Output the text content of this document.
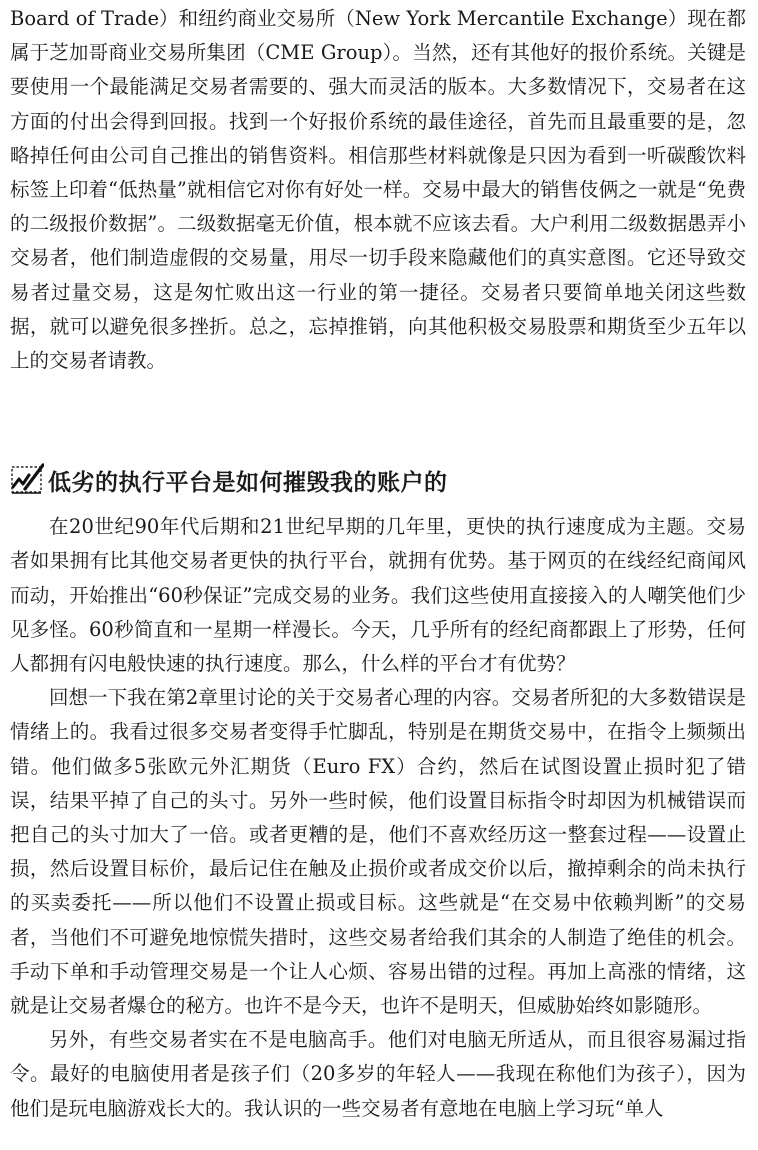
Board of Trade）和纽约商业交易所（New York Mercantile Exchange）现在都属于芝加哥商业交易所集团（CME Group）。当然，还有其他好的报价系统。关键是要使用一个最能满足交易者需要的、强大而灵活的版本。大多数情况下，交易者在这方面的付出会得到回报。找到一个好报价系统的最佳途径，首先而且最重要的是，忽略掉任何由公司自己推出的销售资料。相信那些材料就像是只因为看到一听碳酸饮料标签上印着“低热量”就相信它对你有好处一样。交易中最大的销售伎俩之一就是“免费的二级报价数据”。二级数据毫无价值，根本就不应该去看。大户利用二级数据愚弄小交易者，他们制造虚假的交易量，用尽一切手段来隐藏他们的真实意图。它还导致交易者过量交易，这是匆忙败出这一行业的第一捷径。交易者只要简单地关闭这些数据，就可以避免很多挫折。总之，忘掉推销，向其他积极交易股票和期货至少五年以上的交易者请教。

低劣的执行平台是如何摧毁我的账户的

在20世纪90年代后期和21世纪早期的几年里，更快的执行速度成为主题。交易者如果拥有比其他交易者更快的执行平台，就拥有优势。基于网页的在线经纪商闻风而动，开始推出“60秒保证”完成交易的业务。我们这些使用直接接入的人嘲笑他们少见多怪。60秒简直和一星期一样漫长。今天，几乎所有的经纪商都跟上了形势，任何人都拥有闪电般快速的执行速度。那么，什么样的平台才有优势？

回想一下我在第2章里讨论的关于交易者心理的内容。交易者所犯的大多数错误是情绪上的。我看过很多交易者变得手忙脚乱，特别是在期货交易中，在指令上频频出错。他们做多5张欧元外汇期货（Euro FX）合约，然后在试图设置止损时犯了错误，结果平掉了自己的头寸。另外一些时候，他们设置目标指令时却因为机械错误而把自己的头寸加大了一倍。或者更糟的是，他们不喜欢经历这一整套过程——设置止损，然后设置目标价，最后记住在触及止损价或者成交价以后，撤掉剩余的尚未执行的买卖委托——所以他们不设置止损或目标。这些就是“在交易中依赖判断”的交易者，当他们不可避免地惊慌失措时，这些交易者给我们其余的人制造了绝佳的机会。手动下单和手动管理交易是一个让人心烦、容易出错的过程。再加上高涨的情绪，这就是让交易者爆仓的秘方。也许不是今天，也许不是明天，但威胁始终如影随形。

另外，有些交易者实在不是电脑高手。他们对电脑无所适从，而且很容易漏过指令。最好的电脑使用者是孩子们（20多岁的年轻人——我现在称他们为孩子），因为他们是玩电脑游戏长大的。我认识的一些交易者有意地在电脑上学习玩“单人
